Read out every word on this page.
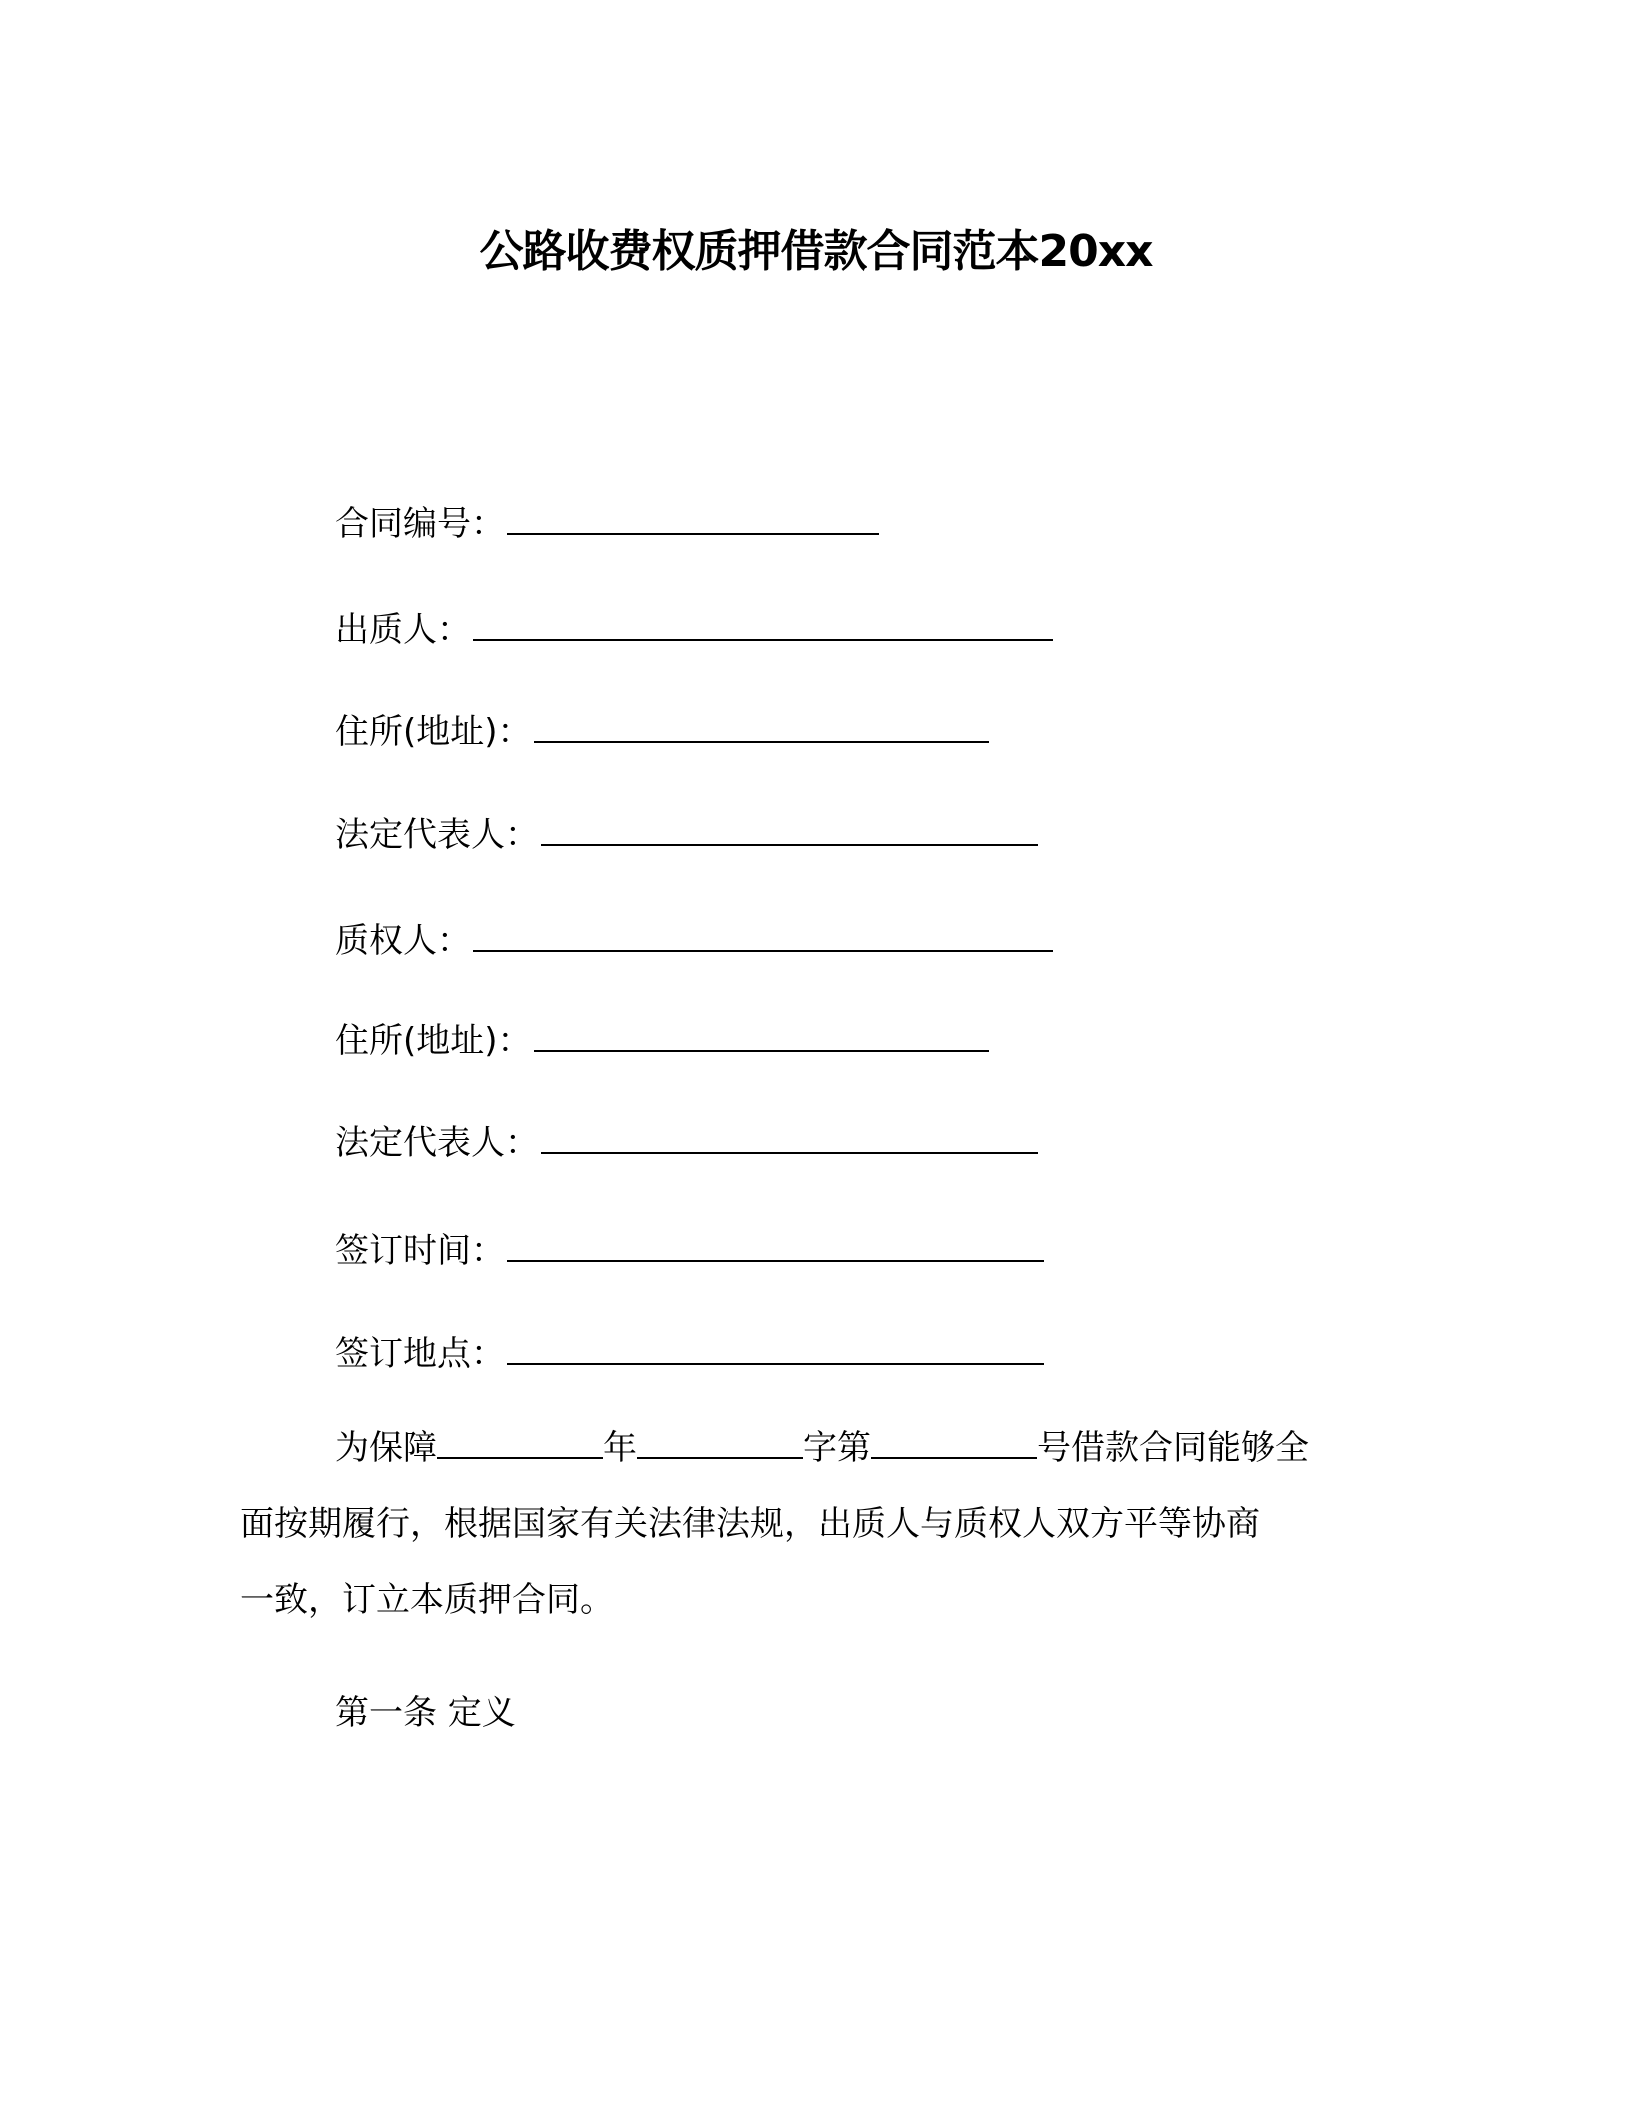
公路收费权质押借款合同范本20xx
合同编号：
出质人：
住所(地址)：
法定代表人：
质权人：
住所(地址)：
法定代表人：
签订时间：
签订地点：
为保障	年	字第	号借款合同能够全
面按期履行，根据国家有关法律法规，出质人与质权人双方平等协商
一致，订立本质押合同。
第一条 定义
